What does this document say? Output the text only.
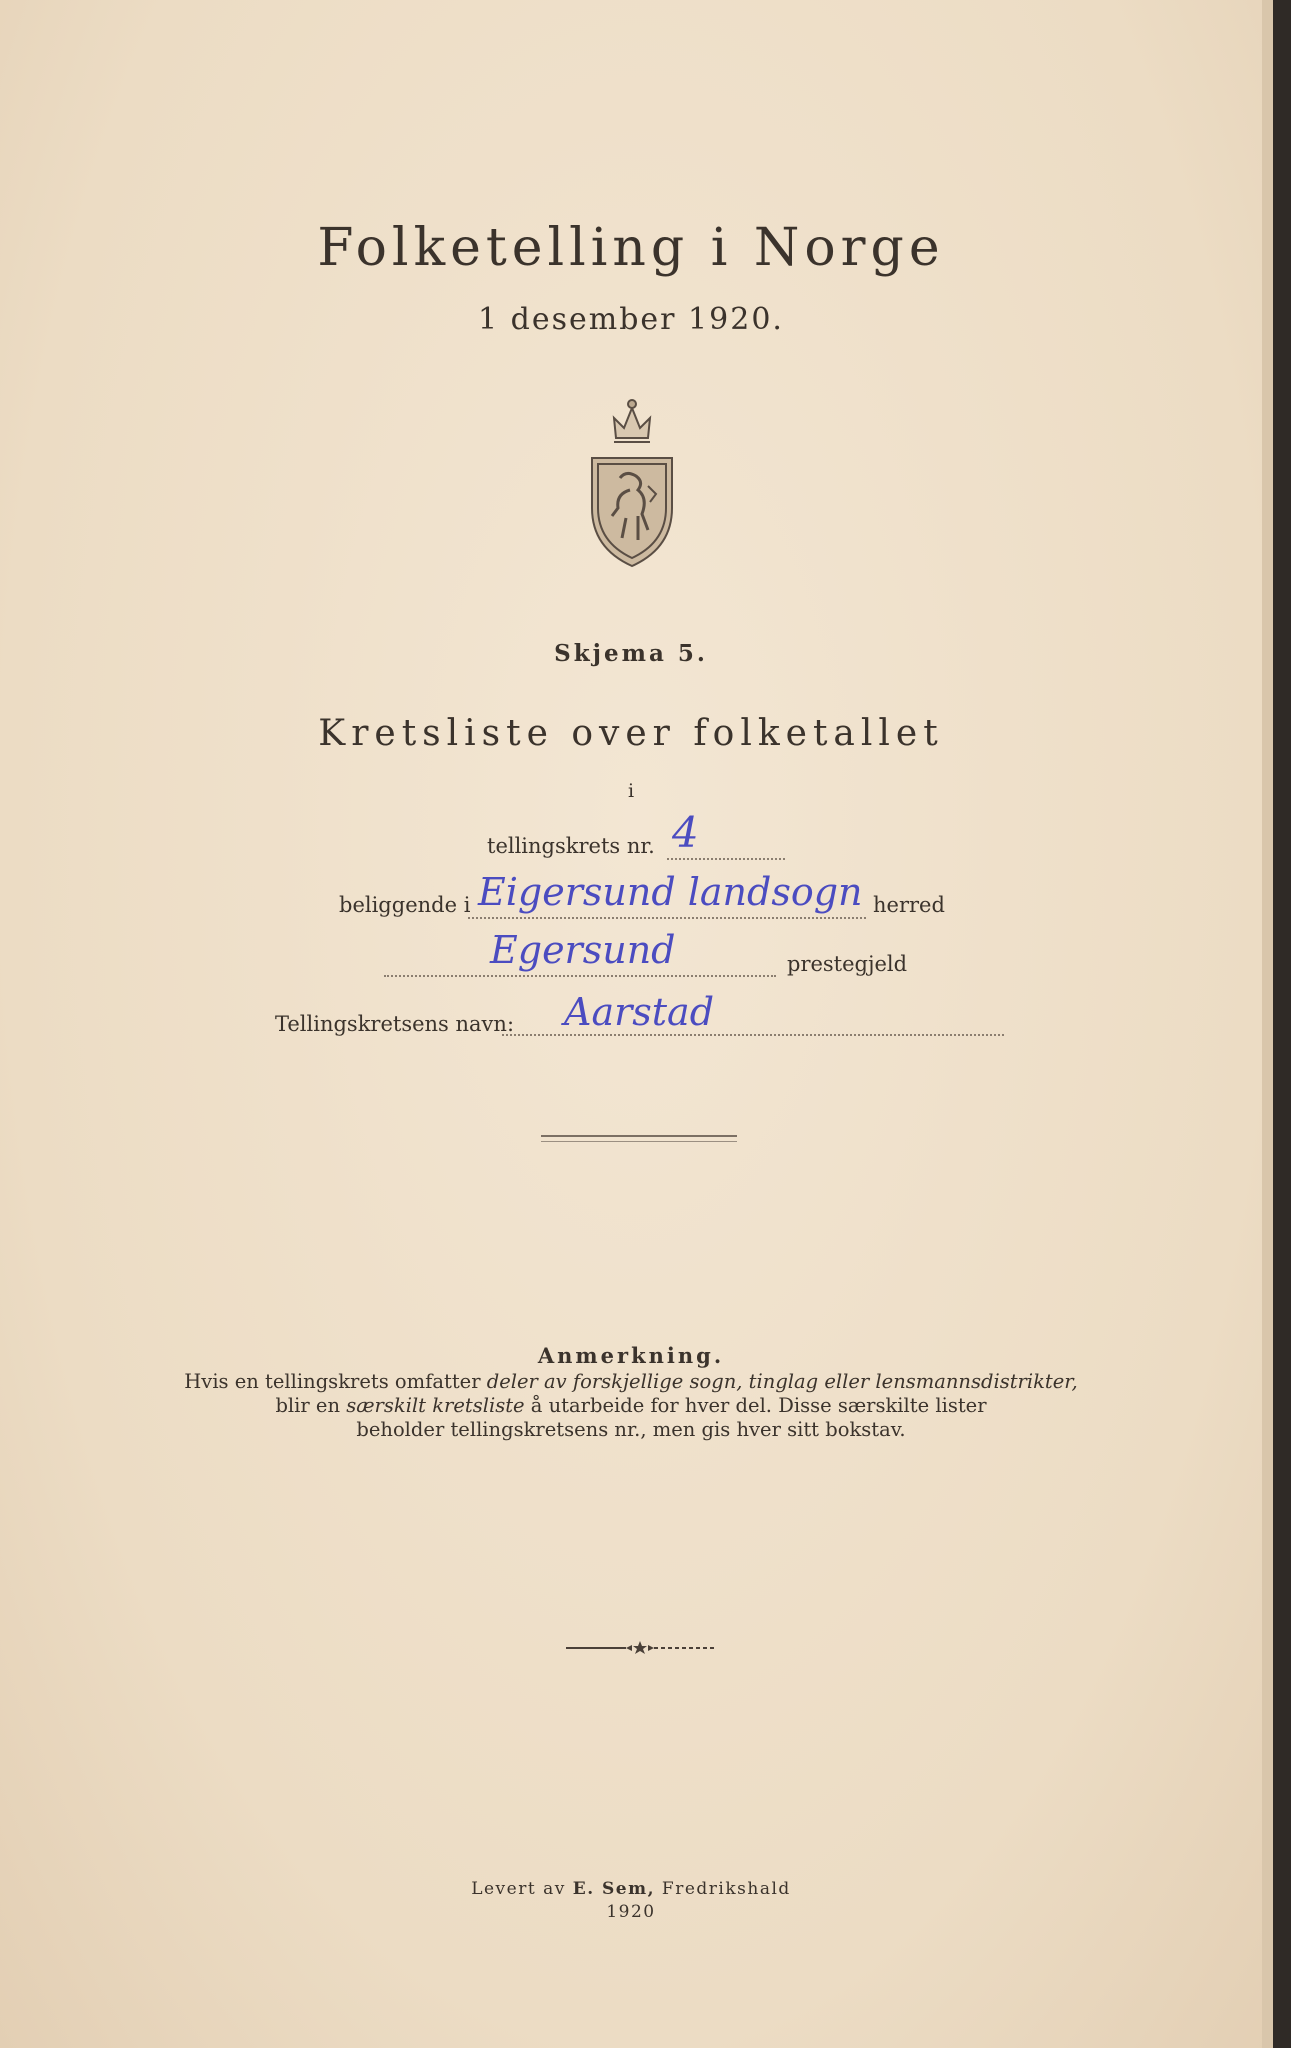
Folketelling i Norge
1 desember 1920.
Skjema 5.
Kretsliste over folketallet
i
tellingskrets nr. 4
beliggende i Eigersund landsogn herred
Egersund	prestegjeld
Tellingskretsens navn: Aarstad
Anmerkning.
Hvis en tellingskrets omfatter deler av forskjellige sogn, tinglag eller lensmannsdistrikter,
blir en særskilt kretsliste å utarbeide for hver del. Disse særskilte lister
beholder tellingskretsens nr., men gis hver sitt bokstav.
Levert av E. Sem, Fredrikshald
1920
